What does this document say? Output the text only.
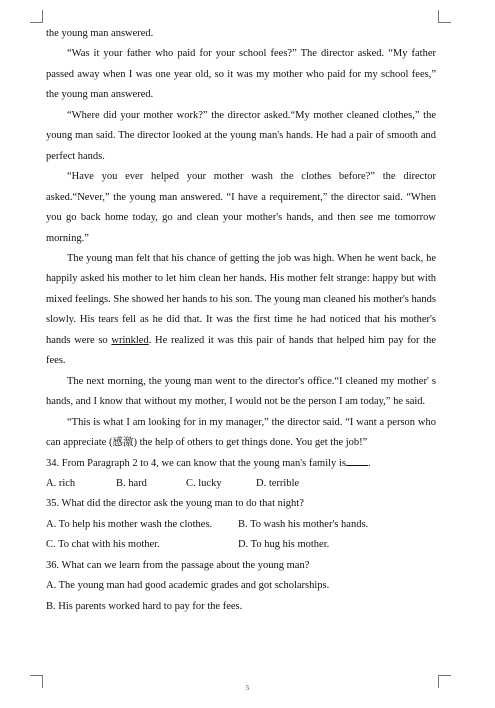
the young man answered.

“Was it your father who paid for your school fees?” The director asked. “My father passed away when I was one year old, so it was my mother who paid for my school fees,” the young man answered.

“Where did your mother work?” the director asked.“My mother cleaned clothes,” the young man said. The director looked at the young man's hands. He had a pair of smooth and perfect hands.

“Have you ever helped your mother wash the clothes before?” the director asked.“Never,” the young man answered. “I have a requirement,” the director said. “When you go back home today, go and clean your mother's hands, and then see me tomorrow morning.”

The young man felt that his chance of getting the job was high. When he went back, he happily asked his mother to let him clean her hands. His mother felt strange: happy but with mixed feelings. She showed her hands to his son. The young man cleaned his mother's hands slowly. His tears fell as he did that. It was the first time he had noticed that his mother's hands were so wrinkled. He realized it was this pair of hands that helped him pay for the fees.

The next morning, the young man went to the director's office.“I cleaned my mother' s hands, and I know that without my mother, I would not be the person I am today,” he said.

“This is what I am looking for in my manager,” the director said. “I want a person who can appreciate (感激) the help of others to get things done. You get the job!”

34. From Paragraph 2 to 4, we can know that the young man's family is .

A. rich	B. hard	C. lucky	D. terrible

35. What did the director ask the young man to do that night?

A. To help his mother wash the clothes.	B. To wash his mother's hands.
C. To chat with his mother.	D. To hug his mother.

36. What can we learn from the passage about the young man?

A. The young man had good academic grades and got scholarships.

B. His parents worked hard to pay for the fees.

5
